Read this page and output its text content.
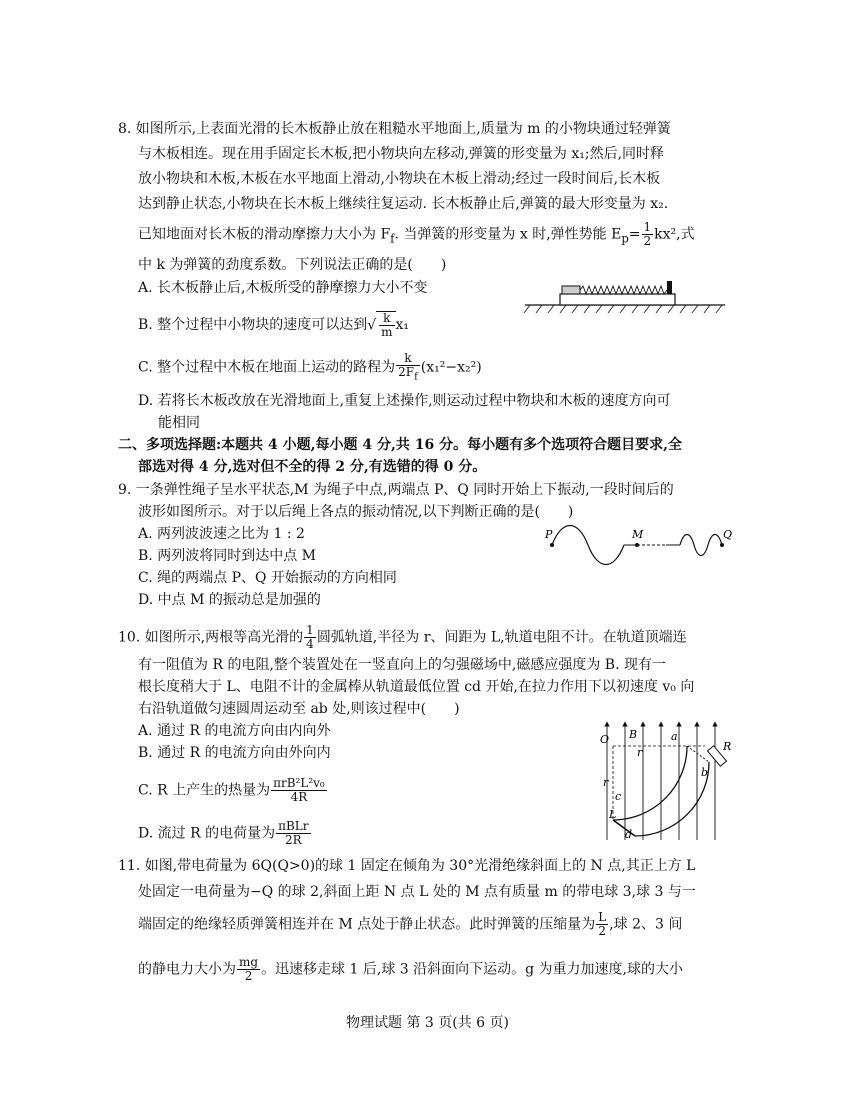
8. 如图所示,上表面光滑的长木板静止放在粗糙水平地面上,质量为 m 的小物块通过轻弹簧
与木板相连。现在用手固定长木板,把小物块向左移动,弹簧的形变量为 x₁;然后,同时释
放小物块和木板,木板在水平地面上滑动,小物块在木板上滑动;经过一段时间后,长木板
达到静止状态,小物块在长木板上继续往复运动. 长木板静止后,弹簧的最大形变量为 x₂.
已知地面对长木板的滑动摩擦力大小为 $F_f$. 当弹簧的形变量为 x 时,弹性势能 $E_p= \frac{1}{2} kx^2$,式
中 k 为弹簧的劲度系数。下列说法正确的是(　　)
A. 长木板静止后,木板所受的静摩擦力大小不变
B. 整个过程中小物块的速度可以达到√ $\frac{k}{m} x_1$
C. 整个过程中木板在地面上运动的路程为 $\frac{k}{2F_f} (x_1^2-x_2^2)$
D. 若将长木板改放在光滑地面上,重复上述操作,则运动过程中物块和木板的速度方向可
能相同
二、多项选择题:本题共 4 小题,每小题 4 分,共 16 分。每小题有多个选项符合题目要求,全
部选对得 4 分,选对但不全的得 2 分,有选错的得 0 分。
9. 一条弹性绳子呈水平状态,M 为绳子中点,两端点 P、Q 同时开始上下振动,一段时间后的
波形如图所示。对于以后绳上各点的振动情况,以下判断正确的是(　　)
A. 两列波波速之比为 1 : 2
B. 两列波将同时到达中点 M
C. 绳的两端点 P、Q 开始振动的方向相同
D. 中点 M 的振动总是加强的
P	M	Q
10. 如图所示,两根等高光滑的 $\frac{1}{4}$ 圆弧轨道,半径为 r、间距为 L,轨道电阻不计。在轨道顶端连
有一阻值为 R 的电阻,整个装置处在一竖直向上的匀强磁场中,磁感应强度为 B. 现有一
根长度稍大于 L、电阻不计的金属棒从轨道最低位置 cd 开始,在拉力作用下以初速度 v₀ 向
右沿轨道做匀速圆周运动至 ab 处,则该过程中(　　)
A. 通过 R 的电流方向由内向外
B. 通过 R 的电流方向由外向内
C. R 上产生的热量为 $\frac{\text{πrB²L²v₀}}{4R}$
D. 流过 R 的电荷量为 $\frac{\text{πBLr}}{2R}$
O B	a
R
r
r
b
c
L
d
11. 如图,带电荷量为 6Q(Q>0)的球 1 固定在倾角为 30°光滑绝缘斜面上的 N 点,其正上方 L
处固定一电荷量为−Q 的球 2,斜面上距 N 点 L 处的 M 点有质量 m 的带电球 3,球 3 与一
端固定的绝缘轻质弹簧相连并在 M 点处于静止状态。此时弹簧的压缩量为 $\frac{L}{2}$ ,球 2、3 间
的静电力大小为 $\frac{mg}{2}$ 。迅速移走球 1 后,球 3 沿斜面向下运动。g 为重力加速度,球的大小
物理试题 第 3 页(共 6 页)
